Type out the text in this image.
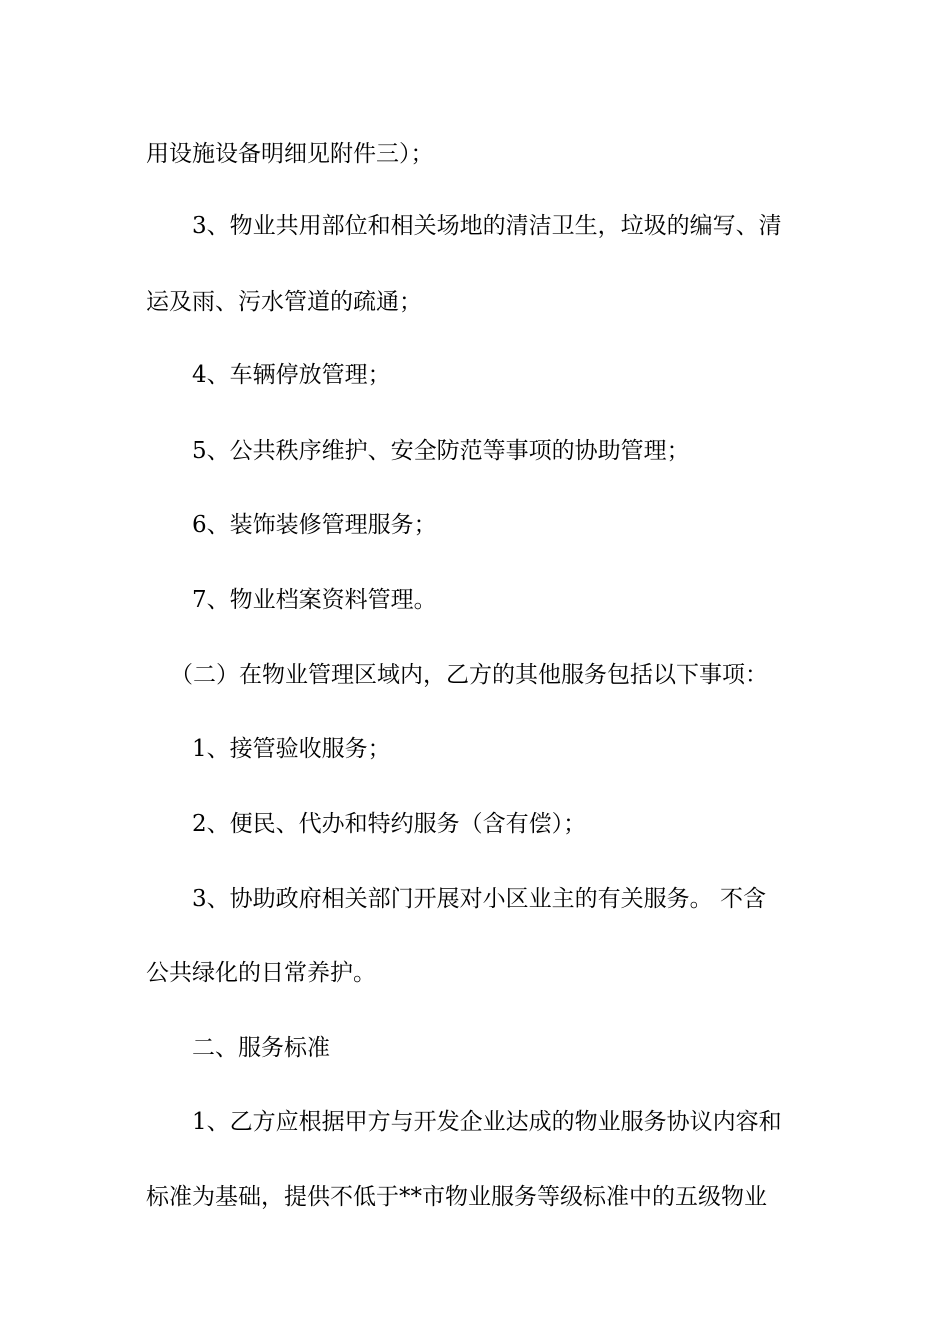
用设施设备明细见附件三）；
3、物业共用部位和相关场地的清洁卫生，垃圾的编写、清
运及雨、污水管道的疏通；
4、车辆停放管理；
5、公共秩序维护、安全防范等事项的协助管理；
6、装饰装修管理服务；
7、物业档案资料管理。
（二）在物业管理区域内，乙方的其他服务包括以下事项：
1、接管验收服务；
2、便民、代办和特约服务（含有偿）；
3、协助政府相关部门开展对小区业主的有关服务。 不含
公共绿化的日常养护。
二、服务标准
1、乙方应根据甲方与开发企业达成的物业服务协议内容和
标准为基础，提供不低于**市物业服务等级标准中的五级物业
